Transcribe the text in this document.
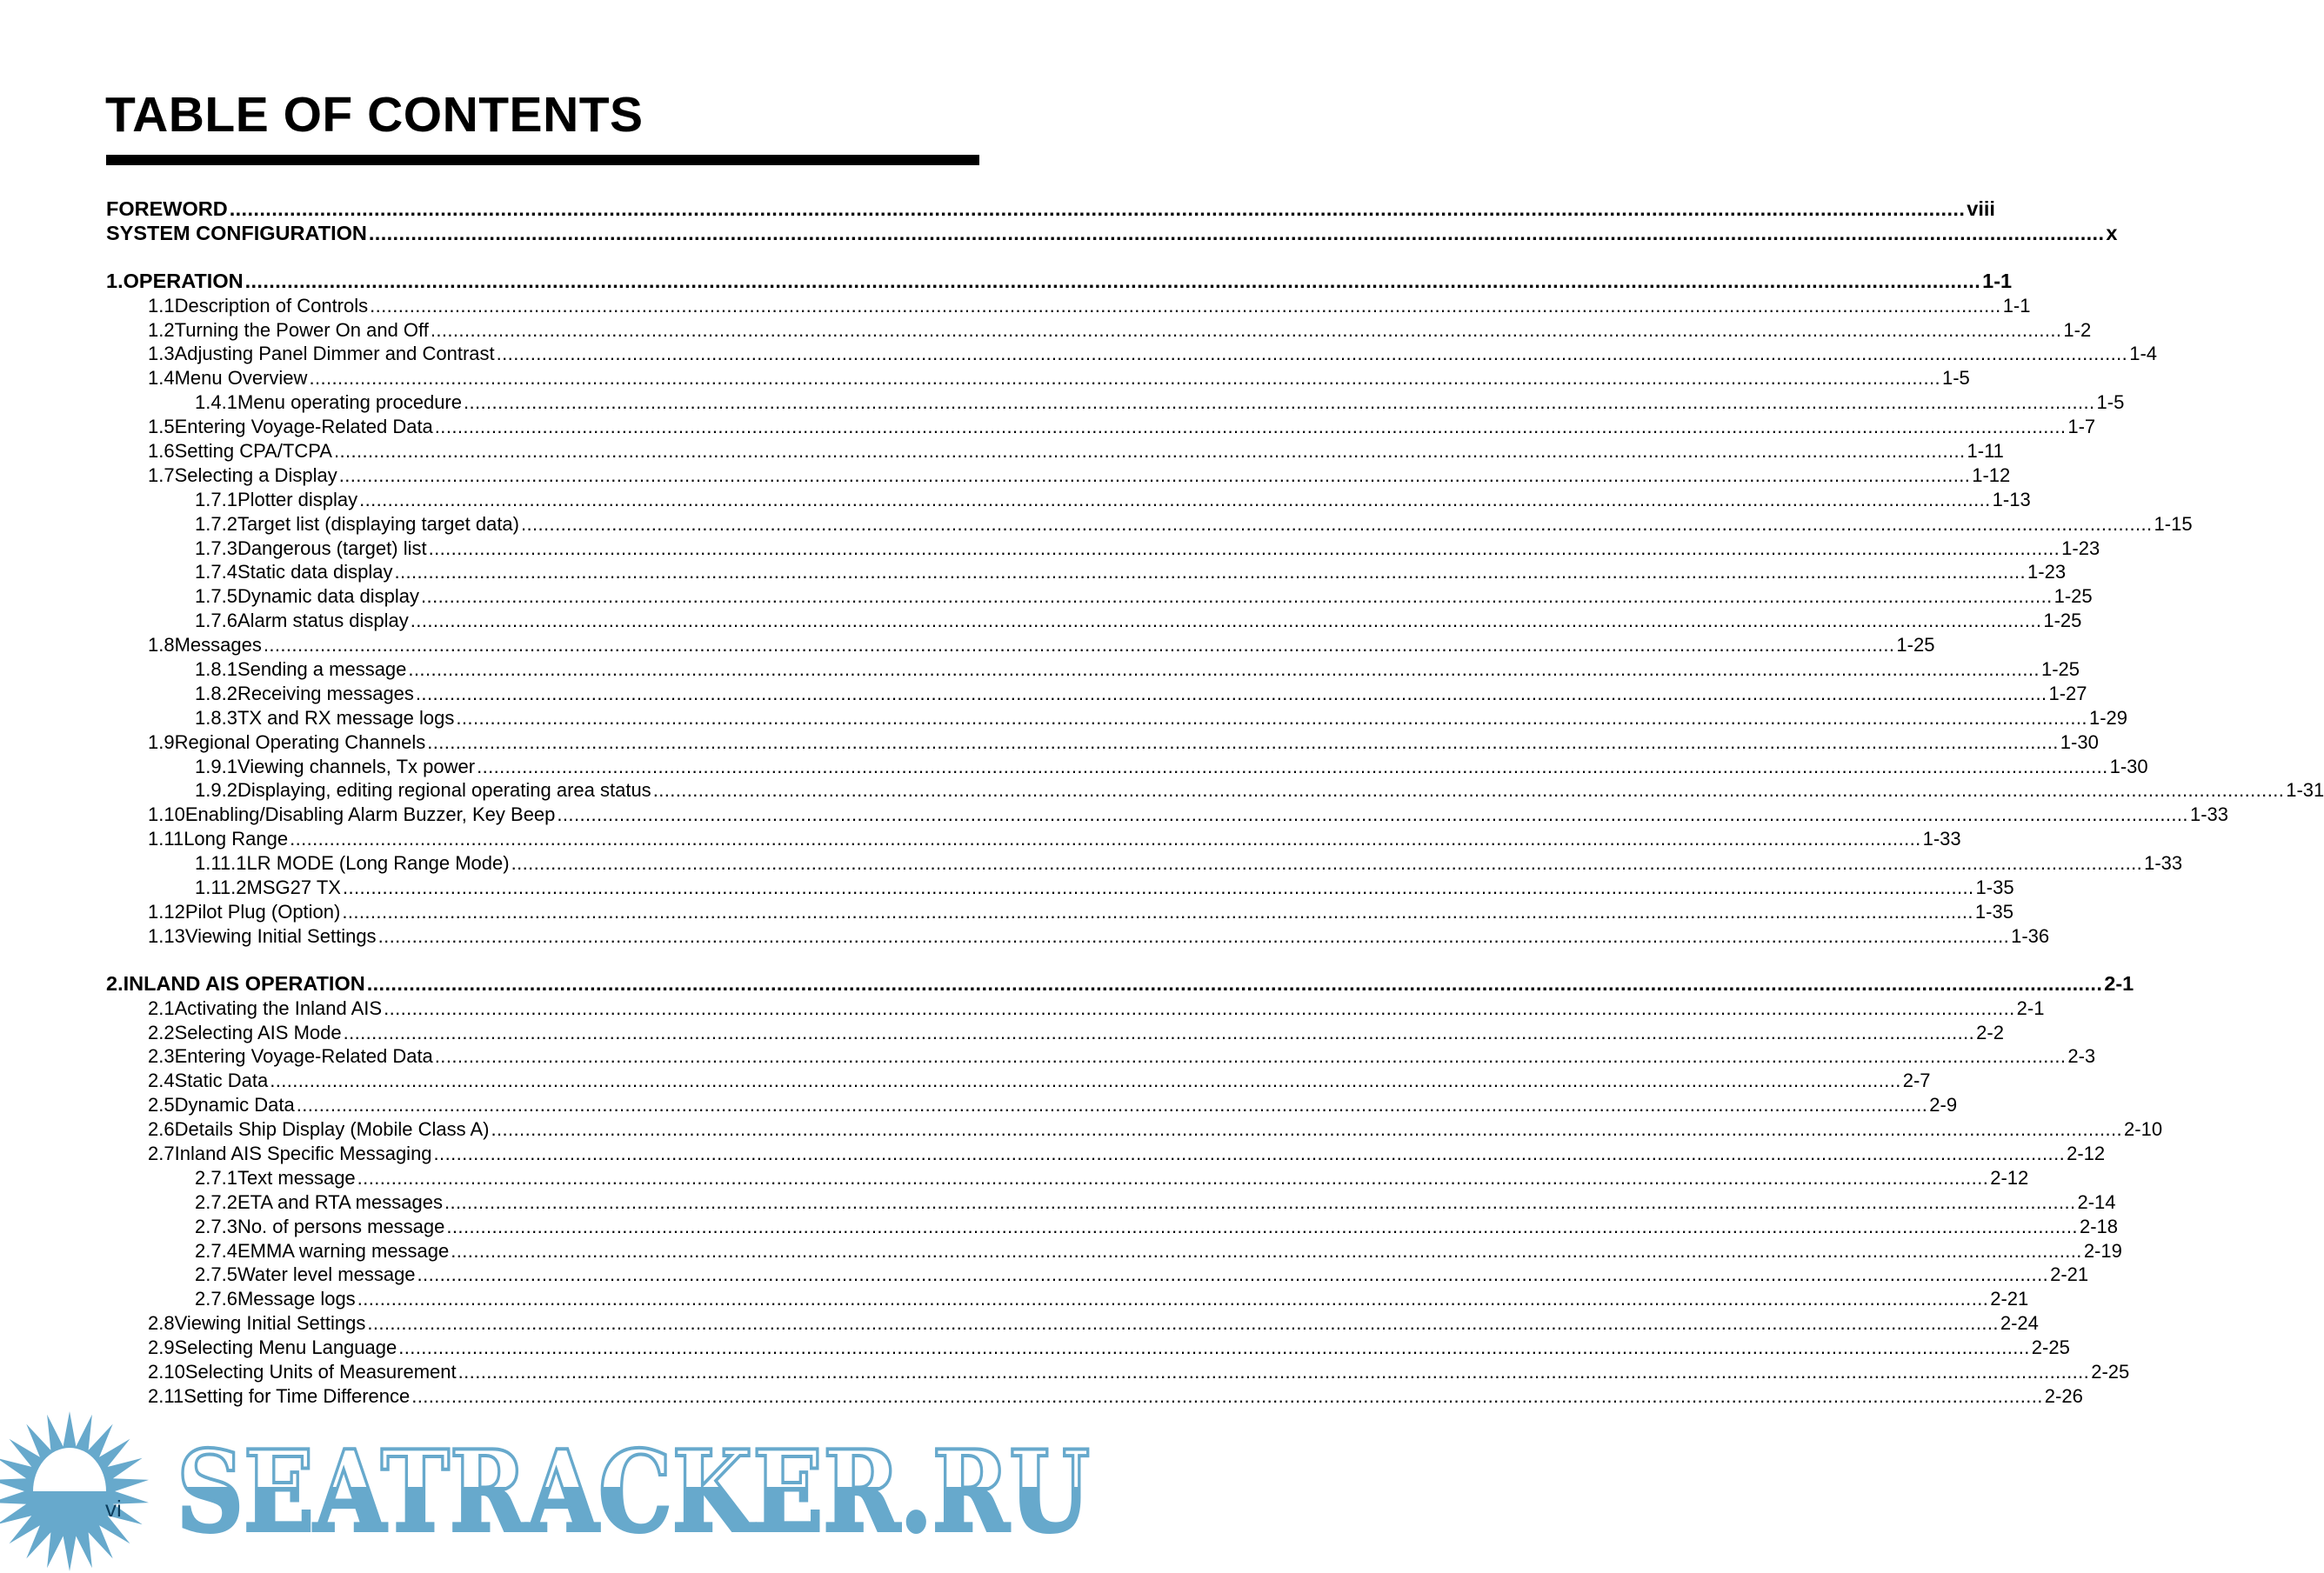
TABLE OF CONTENTS
FOREWORD .....	viii
SYSTEM CONFIGURATION .....	x
1. OPERATION .....	1-1
1.1 Description of Controls .....	1-1
1.2 Turning the Power On and Off .....	1-2
1.3 Adjusting Panel Dimmer and Contrast .....	1-4
1.4 Menu Overview .....	1-5
1.4.1 Menu operating procedure .....	1-5
1.5 Entering Voyage-Related Data .....	1-7
1.6 Setting CPA/TCPA .....	1-11
1.7 Selecting a Display .....	1-12
1.7.1 Plotter display .....	1-13
1.7.2 Target list (displaying target data) .....	1-15
1.7.3 Dangerous (target) list .....	1-23
1.7.4 Static data display .....	1-23
1.7.5 Dynamic data display .....	1-25
1.7.6 Alarm status display .....	1-25
1.8 Messages .....	1-25
1.8.1 Sending a message .....	1-25
1.8.2 Receiving messages .....	1-27
1.8.3 TX and RX message logs .....	1-29
1.9 Regional Operating Channels .....	1-30
1.9.1 Viewing channels, Tx power .....	1-30
1.9.2 Displaying, editing regional operating area status .....	1-31
1.10 Enabling/Disabling Alarm Buzzer, Key Beep .....	1-33
1.11 Long Range .....	1-33
1.11.1 LR MODE (Long Range Mode) .....	1-33
1.11.2 MSG27 TX .....	1-35
1.12 Pilot Plug (Option) .....	1-35
1.13 Viewing Initial Settings .....	1-36
2. INLAND AIS OPERATION .....	2-1
2.1 Activating the Inland AIS .....	2-1
2.2 Selecting AIS Mode .....	2-2
2.3 Entering Voyage-Related Data .....	2-3
2.4 Static Data .....	2-7
2.5 Dynamic Data .....	2-9
2.6 Details Ship Display (Mobile Class A) .....	2-10
2.7 Inland AIS Specific Messaging .....	2-12
2.7.1 Text message .....	2-12
2.7.2 ETA and RTA messages .....	2-14
2.7.3 No. of persons message .....	2-18
2.7.4 EMMA warning message .....	2-19
2.7.5 Water level message .....	2-21
2.7.6 Message logs .....	2-21
2.8 Viewing Initial Settings .....	2-24
2.9 Selecting Menu Language .....	2-25
2.10 Selecting Units of Measurement .....	2-25
2.11 Setting for Time Difference .....	2-26
SEATRACKER.RU
vi
